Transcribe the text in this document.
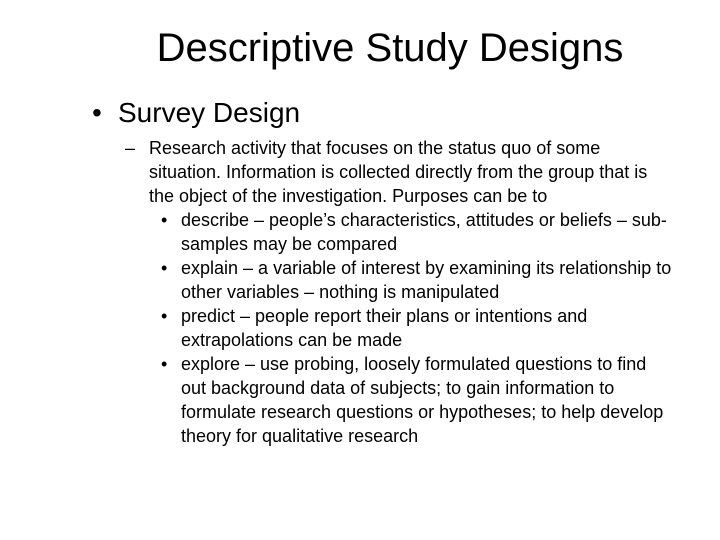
Descriptive Study Designs
• Survey Design
– Research activity that focuses on the status quo of some situation. Information is collected directly from the group that is the object of the investigation. Purposes can be to
• describe – people’s characteristics, attitudes or beliefs – sub-samples may be compared
• explain – a variable of interest by examining its relationship to other variables – nothing is manipulated
• predict – people report their plans or intentions and extrapolations can be made
• explore – use probing, loosely formulated questions to find out background data of subjects; to gain information to formulate research questions or hypotheses; to help develop theory for qualitative research
